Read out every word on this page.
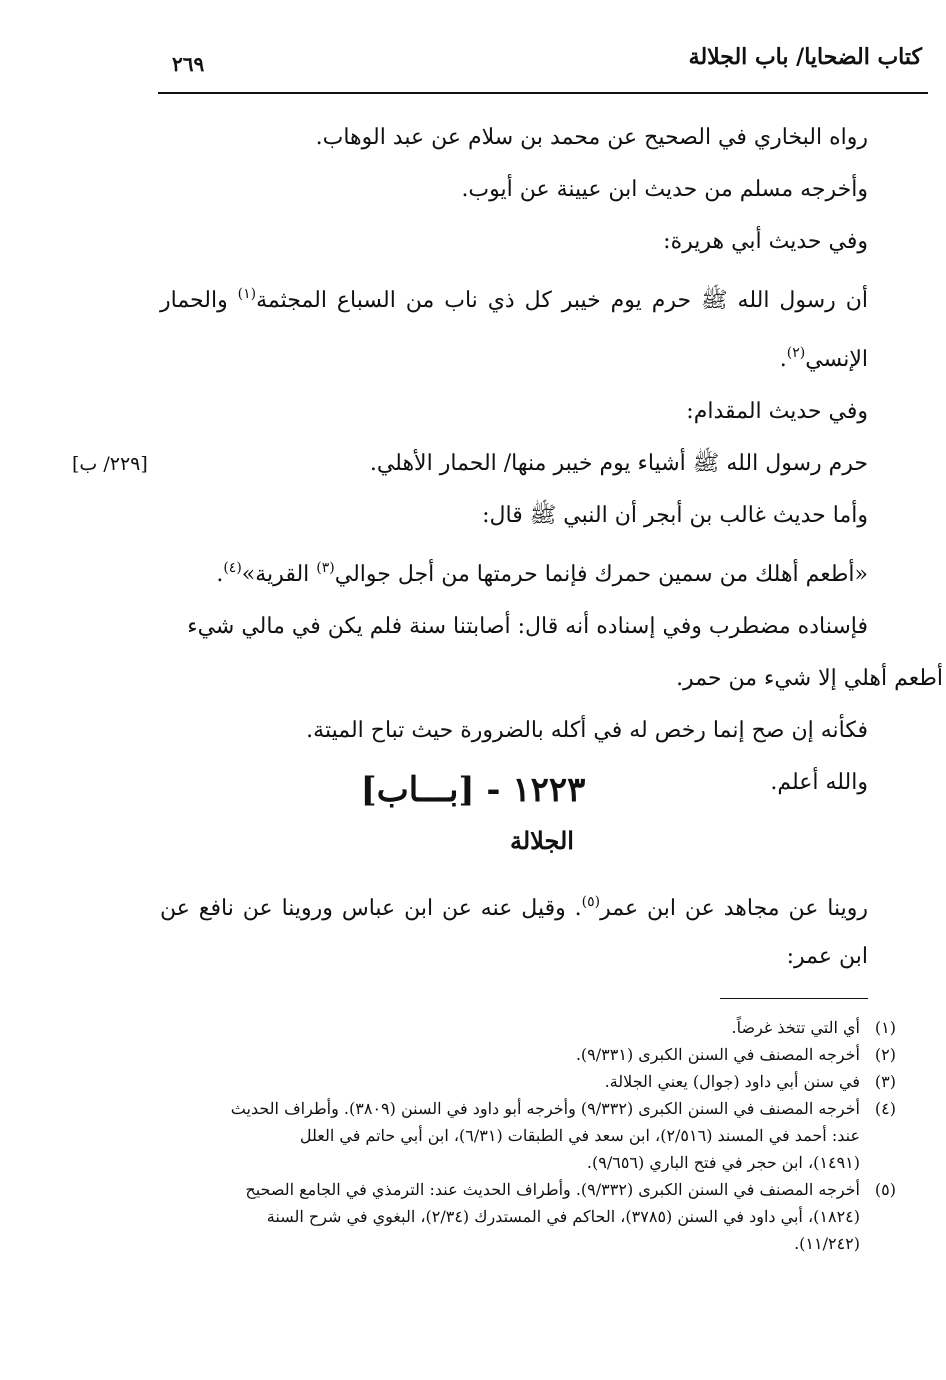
كتاب الضحايا/ باب الجلالة
٢٦٩

رواه البخاري في الصحيح عن محمد بن سلام عن عبد الوهاب.

وأخرجه مسلم من حديث ابن عيينة عن أيوب.

وفي حديث أبي هريرة:

أن رسول الله ﷺ حرم يوم خيبر كل ذي ناب من السباع المجثمة$^{(١)}$ والحمار الإنسي$^{(٢)}$.

وفي حديث المقدام:

حرم رسول الله ﷺ أشياء يوم خيبر منها/ الحمار الأهلي.
[٢٢٩/ ب]

وأما حديث غالب بن أبجر أن النبي ﷺ قال:

«أطعم أهلك من سمين حمرك فإنما حرمتها من أجل جوالي$^{(٣)}$ القرية»$^{(٤)}$.

فإسناده مضطرب وفي إسناده أنه قال: أصابتنا سنة فلم يكن في مالي شيء

أطعم أهلي إلا شيء من حمر.

فكأنه إن صح إنما رخص له في أكله بالضرورة حيث تباح الميتة.

والله أعلم.

١٢٢٣ - [بـــاب]
الجلالة

روينا عن مجاهد عن ابن عمر$^{(٥)}$. وقيل عنه عن ابن عباس وروينا عن نافع عن ابن عمر:

(١)
أي التي تتخذ غرضاً.
(٢)
أخرجه المصنف في السنن الكبرى (٩/٣٣١).
(٣)
في سنن أبي داود (جوال) يعني الجلالة.
(٤)
أخرجه المصنف في السنن الكبرى (٩/٣٣٢) وأخرجه أبو داود في السنن (٣٨٠٩). وأطراف الحديث
عند: أحمد في المسند (٢/٥١٦)، ابن سعد في الطبقات (٦/٣١)، ابن أبي حاتم في العلل
(١٤٩١)، ابن حجر في فتح الباري (٩/٦٥٦).
(٥)
أخرجه المصنف في السنن الكبرى (٩/٣٣٢). وأطراف الحديث عند: الترمذي في الجامع الصحيح
(١٨٢٤)، أبي داود في السنن (٣٧٨٥)، الحاكم في المستدرك (٢/٣٤)، البغوي في شرح السنة
(١١/٢٤٢).
